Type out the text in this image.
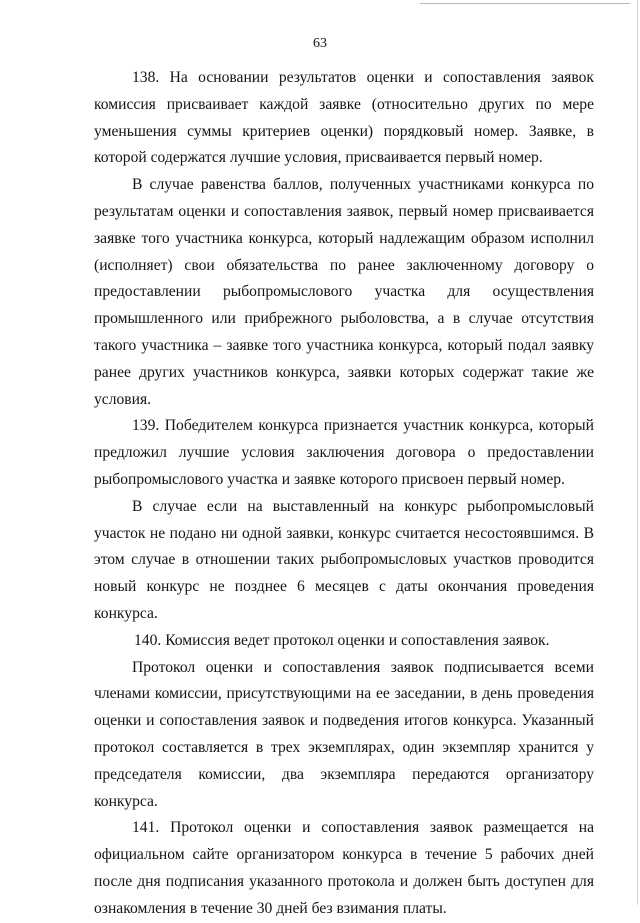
63

138. На основании результатов оценки и сопоставления заявок комиссия присваивает каждой заявке (относительно других по мере уменьшения суммы критериев оценки) порядковый номер. Заявке, в которой содержатся лучшие условия, присваивается первый номер.

В случае равенства баллов, полученных участниками конкурса по результатам оценки и сопоставления заявок, первый номер присваивается заявке того участника конкурса, который надлежащим образом исполнил (исполняет) свои обязательства по ранее заключенному договору о предоставлении рыбопромыслового участка для осуществления промышленного или прибрежного рыболовства, а в случае отсутствия такого участника – заявке того участника конкурса, который подал заявку ранее других участников конкурса, заявки которых содержат такие же условия.

139. Победителем конкурса признается участник конкурса, который предложил лучшие условия заключения договора о предоставлении рыбопромыслового участка и заявке которого присвоен первый номер.

В случае если на выставленный на конкурс рыбопромысловый участок не подано ни одной заявки, конкурс считается несостоявшимся. В этом случае в отношении таких рыбопромысловых участков проводится новый конкурс не позднее 6 месяцев с даты окончания проведения конкурса.

140. Комиссия ведет протокол оценки и сопоставления заявок.

Протокол оценки и сопоставления заявок подписывается всеми членами комиссии, присутствующими на ее заседании, в день проведения оценки и сопоставления заявок и подведения итогов конкурса. Указанный протокол составляется в трех экземплярах, один экземпляр хранится у председателя комиссии, два экземпляра передаются организатору конкурса.

141. Протокол оценки и сопоставления заявок размещается на официальном сайте организатором конкурса в течение 5 рабочих дней после дня подписания указанного протокола и должен быть доступен для ознакомления в течение 30 дней без взимания платы.
